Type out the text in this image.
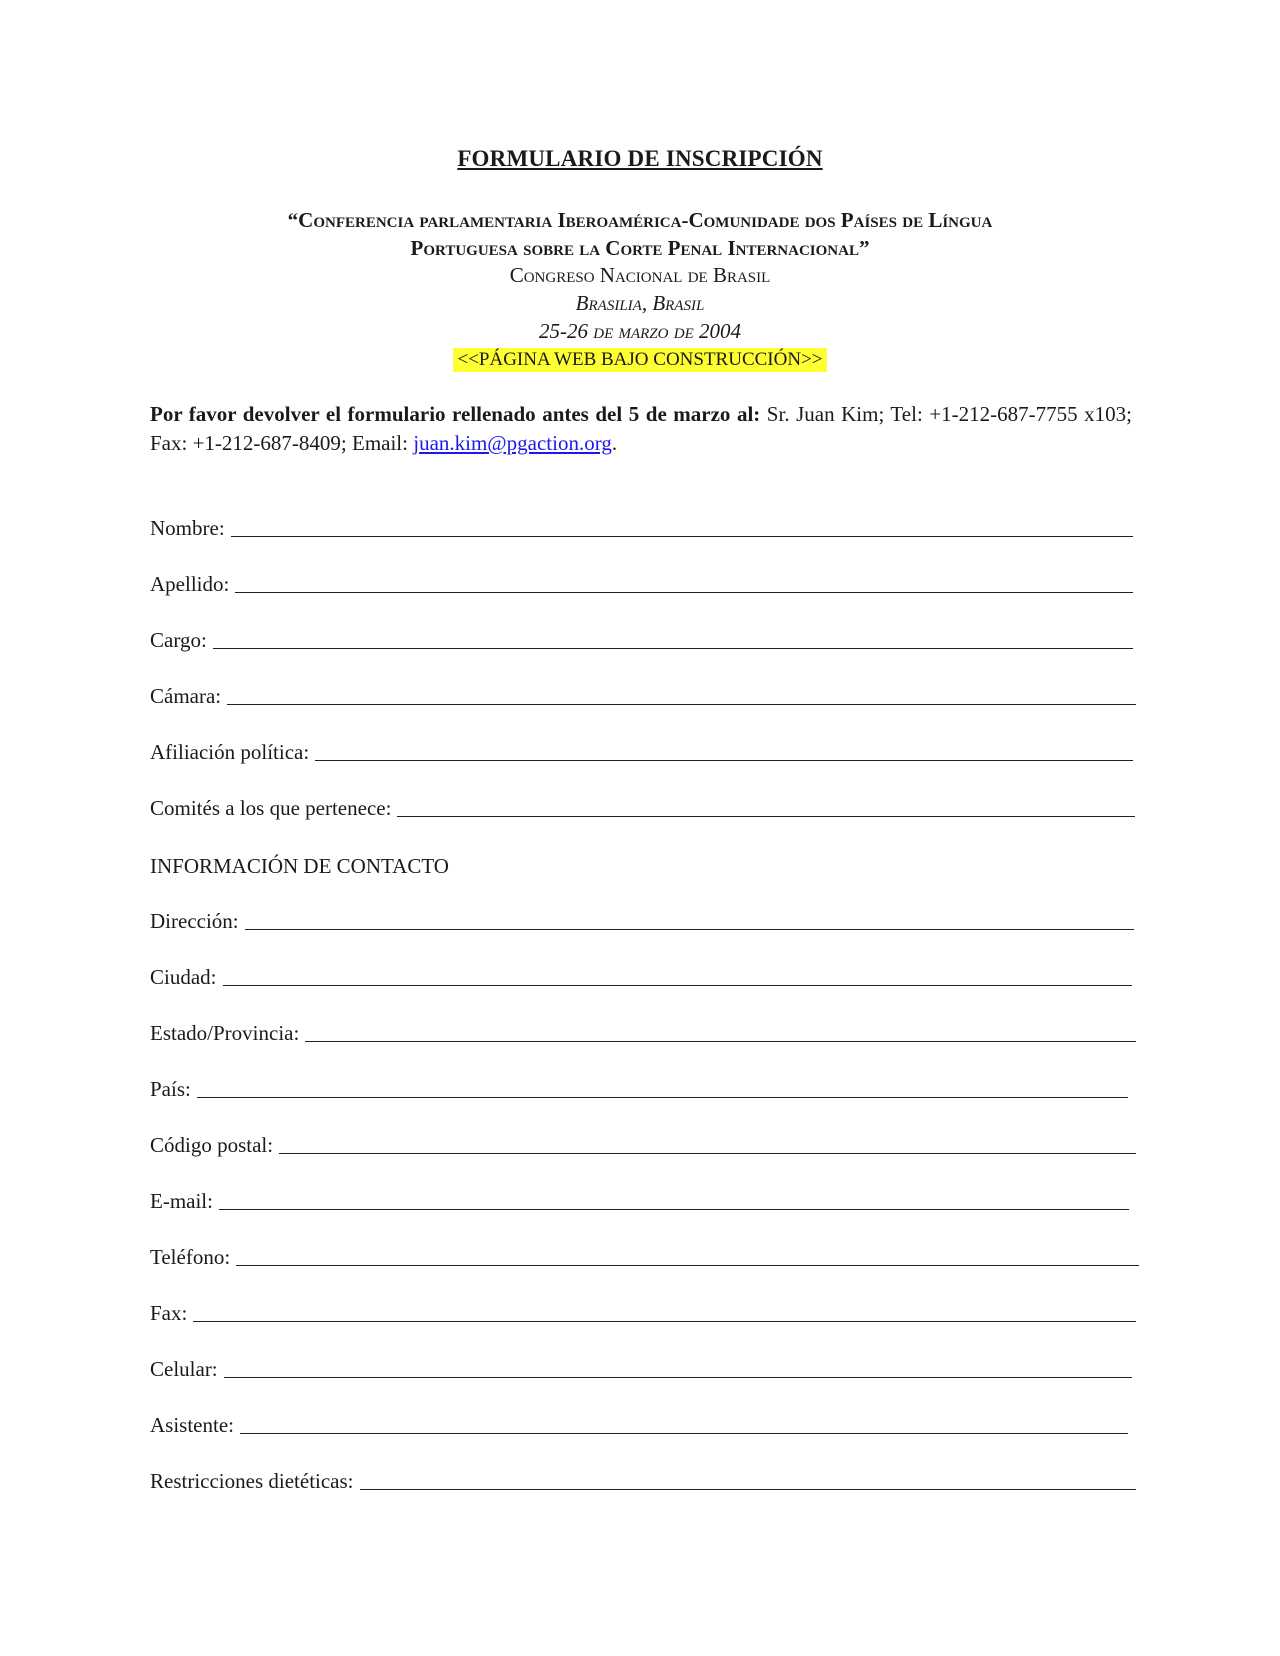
FORMULARIO DE INSCRIPCIÓN
“Conferencia parlamentaria Iberoamérica-Comunidade dos Países de Língua
Portuguesa sobre la Corte Penal Internacional”
Congreso Nacional de Brasil
Brasilia, Brasil
25-26 de marzo de 2004
<<PÁGINA WEB BAJO CONSTRUCCIÓN>>
Por favor devolver el formulario rellenado antes del 5 de marzo al: Sr. Juan Kim; Tel: +1-212-687-7755 x103; Fax: +1-212-687-8409; Email: juan.kim@pgaction.org.
Nombre:
Apellido:
Cargo:
Cámara:
Afiliación política:
Comités a los que pertenece:
INFORMACIÓN DE CONTACTO
Dirección:
Ciudad:
Estado/Provincia:
País:
Código postal:
E-mail:
Teléfono:
Fax:
Celular:
Asistente:
Restricciones dietéticas:
